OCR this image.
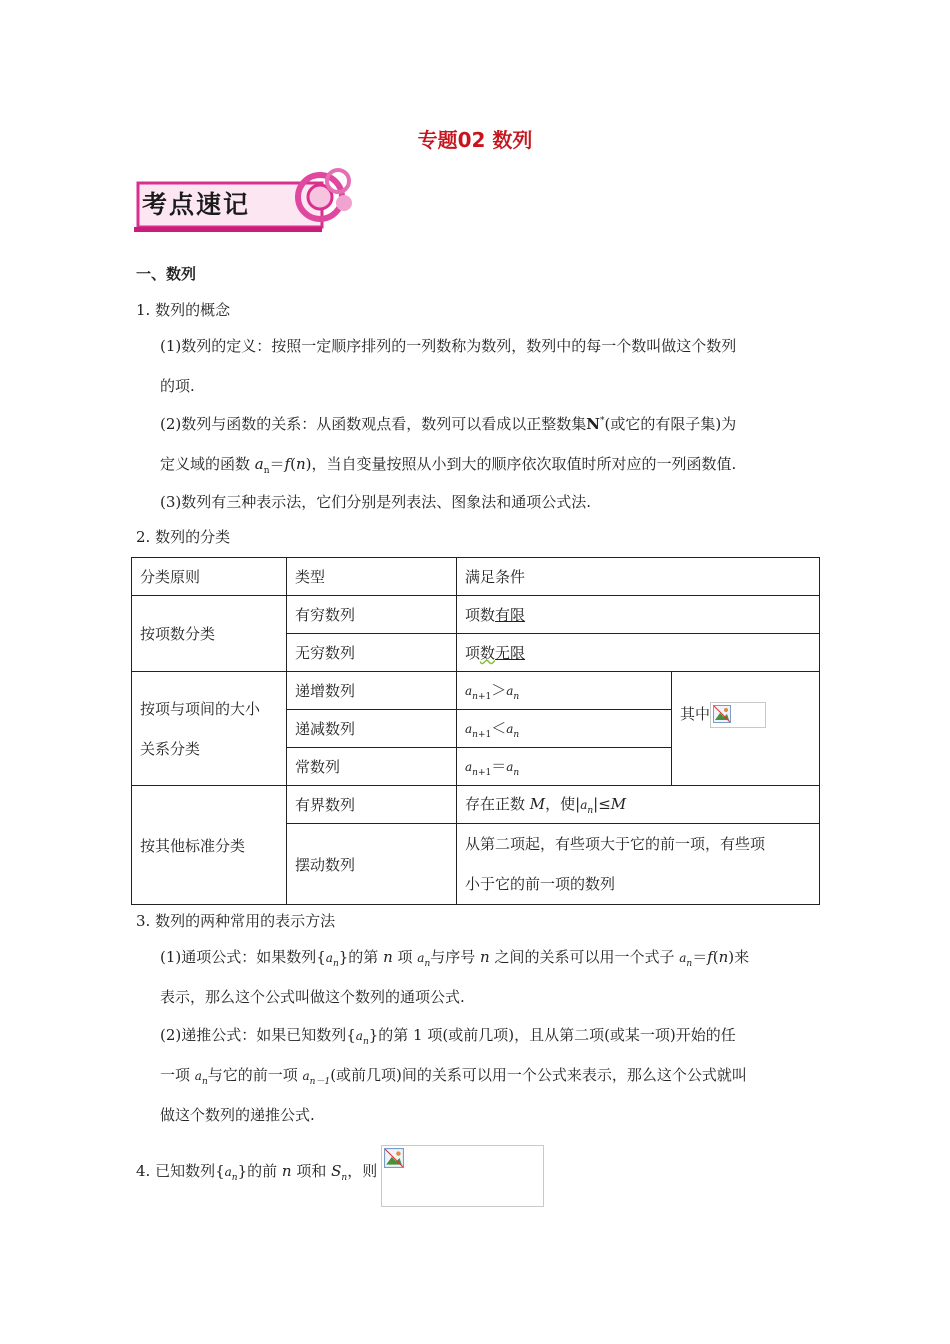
专题02 数列
考点速记
一、数列
1. 数列的概念
(1)数列的定义：按照一定顺序排列的一列数称为数列，数列中的每一个数叫做这个数列
的项.
(2)数列与函数的关系：从函数观点看，数列可以看成以正整数集N*(或它的有限子集)为
定义域的函数 $a_n=f(n)$，当自变量按照从小到大的顺序依次取值时所对应的一列函数值.
(3)数列有三种表示法，它们分别是列表法、图象法和通项公式法.
2. 数列的分类
分类原则	类型	满足条件	
按项数分类	有穷数列	项数有限	
	无穷数列	项数无限	
按项与项间的大小
关系分类	递增数列	$a_{n+1}>a_n$	其中

	递减数列	$a_{n+1}<a_n$
	常数列	$a_{n+1}=a_n$
按其他标准分类	有界数列	存在正数 M，使$|a_n|\le M$	
	摆动数列	从第二项起，有些项大于它的前一项，有些项
小于它的前一项的数列	
3. 数列的两种常用的表示方法
(1)通项公式：如果数列$\{a_n\}$的第 n 项 $a_n$与序号 n 之间的关系可以用一个式子 $a_n=f(n)$来
表示，那么这个公式叫做这个数列的通项公式.
(2)递推公式：如果已知数列$\{a_n\}$的第 1 项(或前几项)，且从第二项(或某一项)开始的任
一项 $a_n$与它的前一项 $a_{n-1}$(或前几项)间的关系可以用一个公式来表示，那么这个公式就叫
做这个数列的递推公式.
4. 已知数列$\{a_n\}$的前 n 项和 $S_n$，则
